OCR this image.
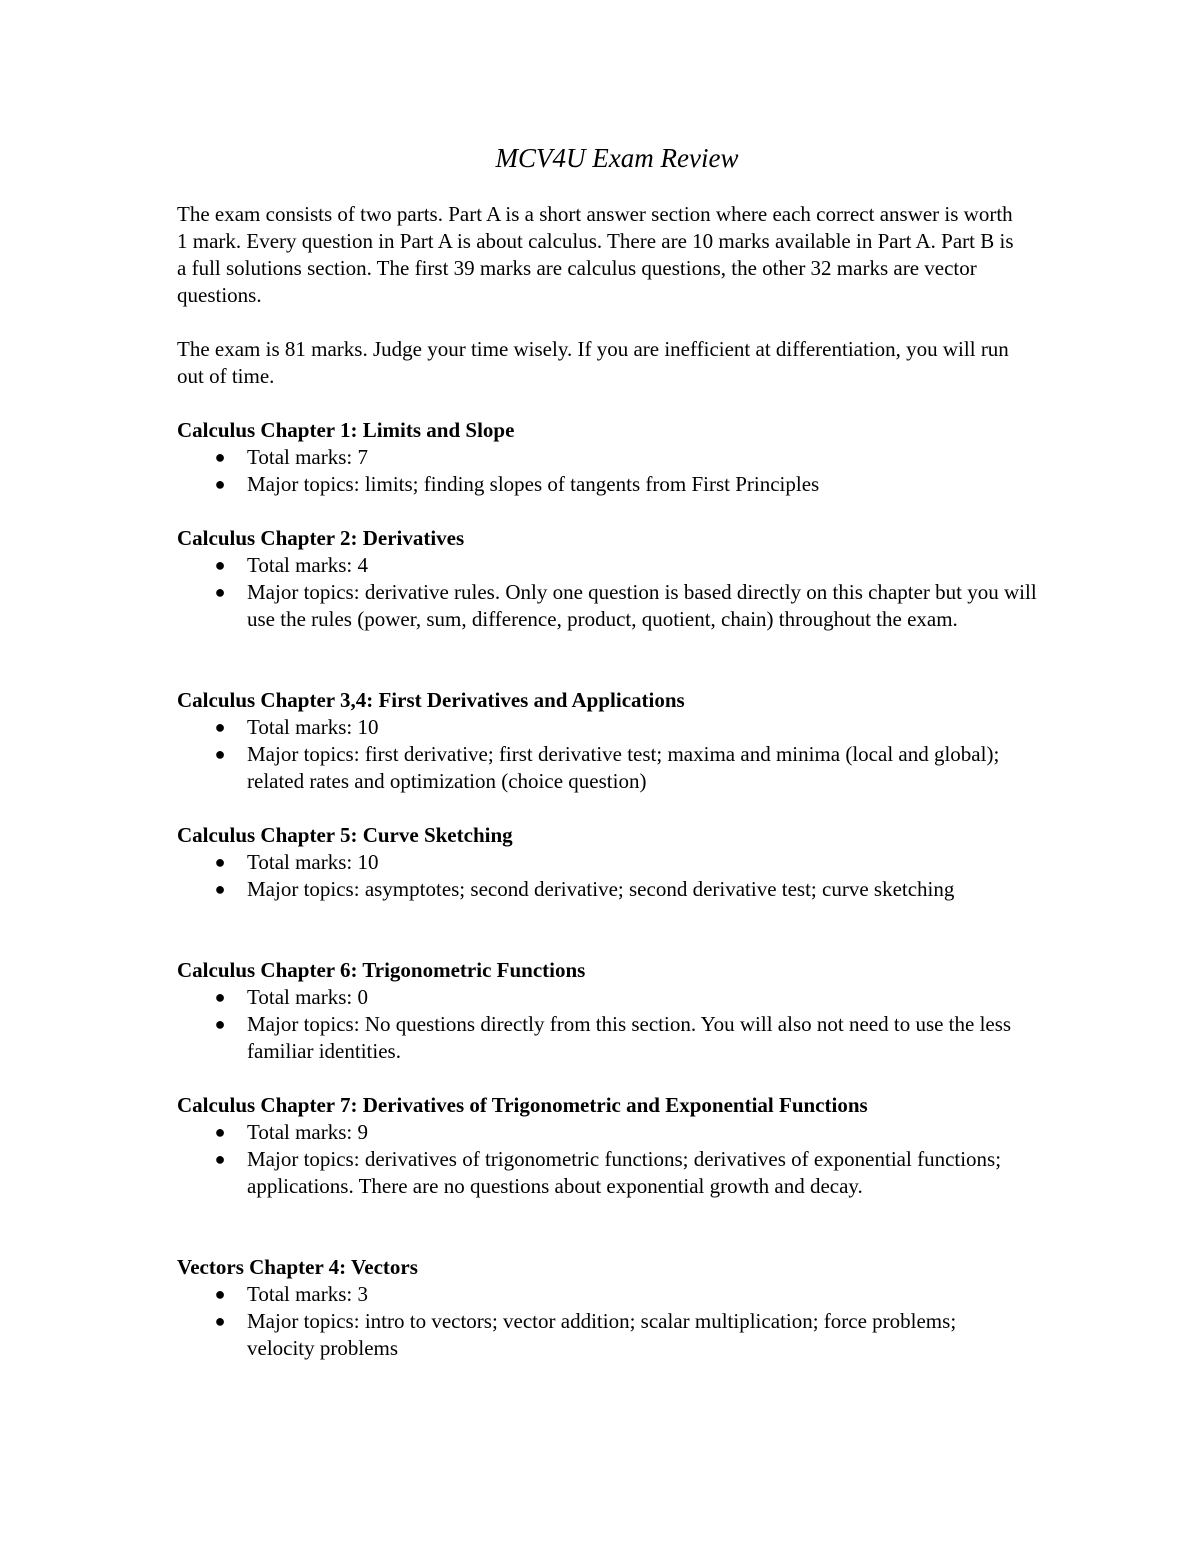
MCV4U Exam Review

The exam consists of two parts. Part A is a short answer section where each correct answer is worth 1 mark. Every question in Part A is about calculus. There are 10 marks available in Part A. Part B is a full solutions section. The first 39 marks are calculus questions, the other 32 marks are vector questions.

The exam is 81 marks. Judge your time wisely. If you are inefficient at differentiation, you will run out of time.

Calculus Chapter 1: Limits and Slope
● Total marks: 7
● Major topics: limits; finding slopes of tangents from First Principles
Calculus Chapter 2: Derivatives
● Total marks: 4
● Major topics: derivative rules. Only one question is based directly on this chapter but you will use the rules (power, sum, difference, product, quotient, chain) throughout the exam.
Calculus Chapter 3,4: First Derivatives and Applications
● Total marks: 10
● Major topics: first derivative; first derivative test; maxima and minima (local and global); related rates and optimization (choice question)
Calculus Chapter 5: Curve Sketching
● Total marks: 10
● Major topics: asymptotes; second derivative; second derivative test; curve sketching
Calculus Chapter 6: Trigonometric Functions
● Total marks: 0
● Major topics: No questions directly from this section. You will also not need to use the less familiar identities.
Calculus Chapter 7: Derivatives of Trigonometric and Exponential Functions
● Total marks: 9
● Major topics: derivatives of trigonometric functions; derivatives of exponential functions; applications. There are no questions about exponential growth and decay.
Vectors Chapter 4: Vectors
● Total marks: 3
● Major topics: intro to vectors; vector addition; scalar multiplication; force problems; velocity problems
